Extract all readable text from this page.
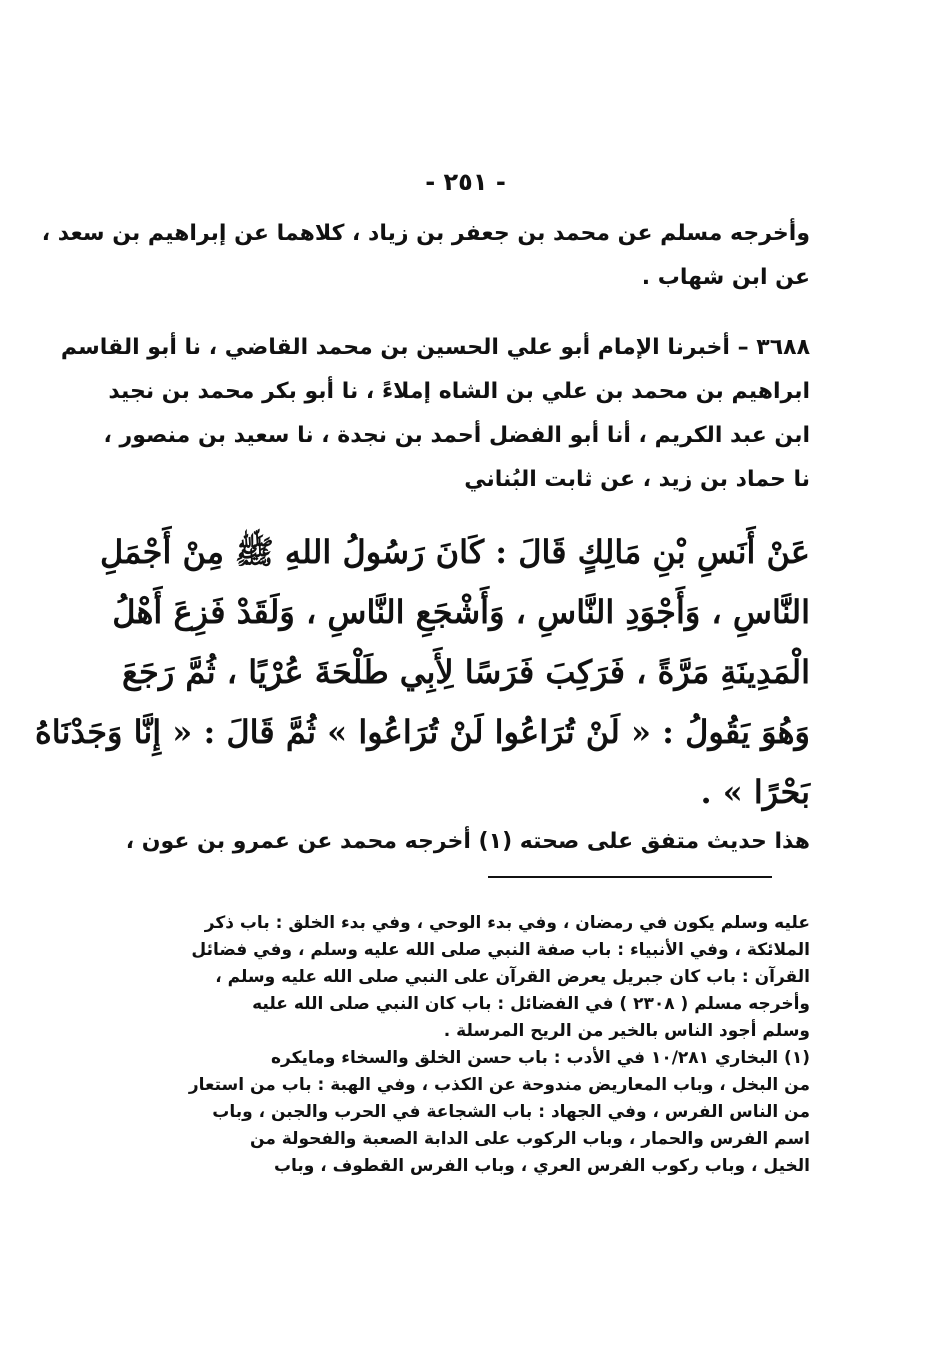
- ٢٥١ -
وأخرجه مسلم عن محمد بن جعفر بن زياد ، كلاهما عن إبراهيم بن سعد ،
عن ابن شهاب .
٣٦٨٨ – أخبرنا الإمام أبو علي الحسين بن محمد القاضي ، نا أبو القاسم
ابراهيم بن محمد بن علي بن الشاه إملاءً ، نا أبو بكر محمد بن نجيد
ابن عبد الكريم ، أنا أبو الفضل أحمد بن نجدة ، نا سعيد بن منصور ،
نا حماد بن زيد ، عن ثابت البُناني
عَنْ أَنَسِ بْنِ مَالِكٍ قَالَ : كَانَ رَسُولُ اللهِ ﷺ مِنْ أَجْمَلِ
النَّاسِ ، وَأَجْوَدِ النَّاسِ ، وَأَشْجَعِ النَّاسِ ، وَلَقَدْ فَزِعَ أَهْلُ
الْمَدِينَةِ مَرَّةً ، فَرَكِبَ فَرَسًا لِأَبِي طَلْحَةَ عُرْيًا ، ثُمَّ رَجَعَ
وَهُوَ يَقُولُ : « لَنْ تُرَاعُوا لَنْ تُرَاعُوا » ثُمَّ قَالَ : « إِنَّا وَجَدْنَاهُ
بَحْرًا » .
هذا حديث متفق على صحته (١) أخرجه محمد عن عمرو بن عون ،
عليه وسلم يكون في رمضان ، وفي بدء الوحي ، وفي بدء الخلق : باب ذكر
الملائكة ، وفي الأنبياء : باب صفة النبي صلى الله عليه وسلم ، وفي فضائل
القرآن : باب كان جبريل يعرض القرآن على النبي صلى الله عليه وسلم ،
وأخرجه مسلم ( ٢٣٠٨ ) في الفضائل : باب كان النبي صلى الله عليه
وسلم أجود الناس بالخير من الريح المرسلة .
(١) البخاري ١٠/٢٨١ في الأدب : باب حسن الخلق والسخاء ومايكره
من البخل ، وباب المعاريض مندوحة عن الكذب ، وفي الهبة : باب من استعار
من الناس الفرس ، وفي الجهاد : باب الشجاعة في الحرب والجبن ، وباب
اسم الفرس والحمار ، وباب الركوب على الدابة الصعبة والفحولة من
الخيل ، وباب ركوب الفرس العري ، وباب الفرس القطوف ، وباب
